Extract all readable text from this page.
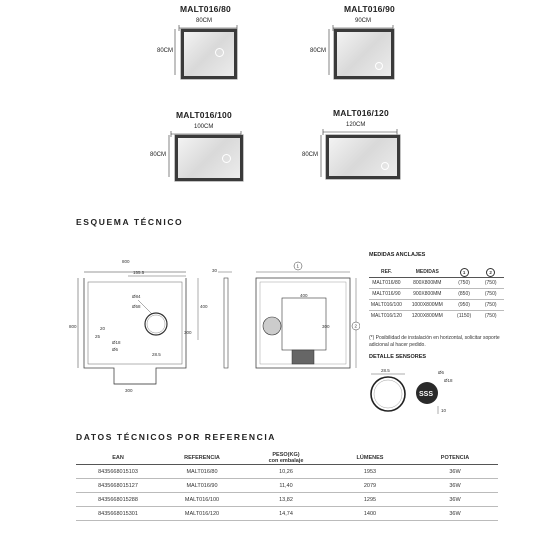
MALT016/80
80CM
80CM
MALT016/90
90CM
80CM
MALT016/100
100CM
80CM
MALT016/120
120CM
80CM
ESQUEMA TÉCNICO
800
800
155.5
Ø84
Ø58
20
25
Ø18
Ø6
28.5
300
400
300
30
400
300
1
2
MEDIDAS ANCLAJES
REF.	MEDIDAS	1	2
MALT016/80	800X800MM	(750)	(750)
MALT016/90	900X800MM	(850)	(750)
MALT016/100	1000X800MM	(950)	(750)
MALT016/120	1200X800MM	(1150)	(750)
(*) Posibilidad de instalación en horizontal, solicitar soporte adicional al hacer pedido.
DETALLE SENSORES
28.5
SSS
Ø6
Ø18
10
DATOS TÉCNICOS POR REFERENCIA
EAN	REFERENCIA	PESO(KG)
con embalaje	LÚMENES	POTENCIA
8435668015103	MALT016/80	10,26	1953	36W
8435668015127	MALT016/90	11,40	2079	36W
8435668015288	MALT016/100	13,82	1295	36W
8435668015301	MALT016/120	14,74	1400	36W
